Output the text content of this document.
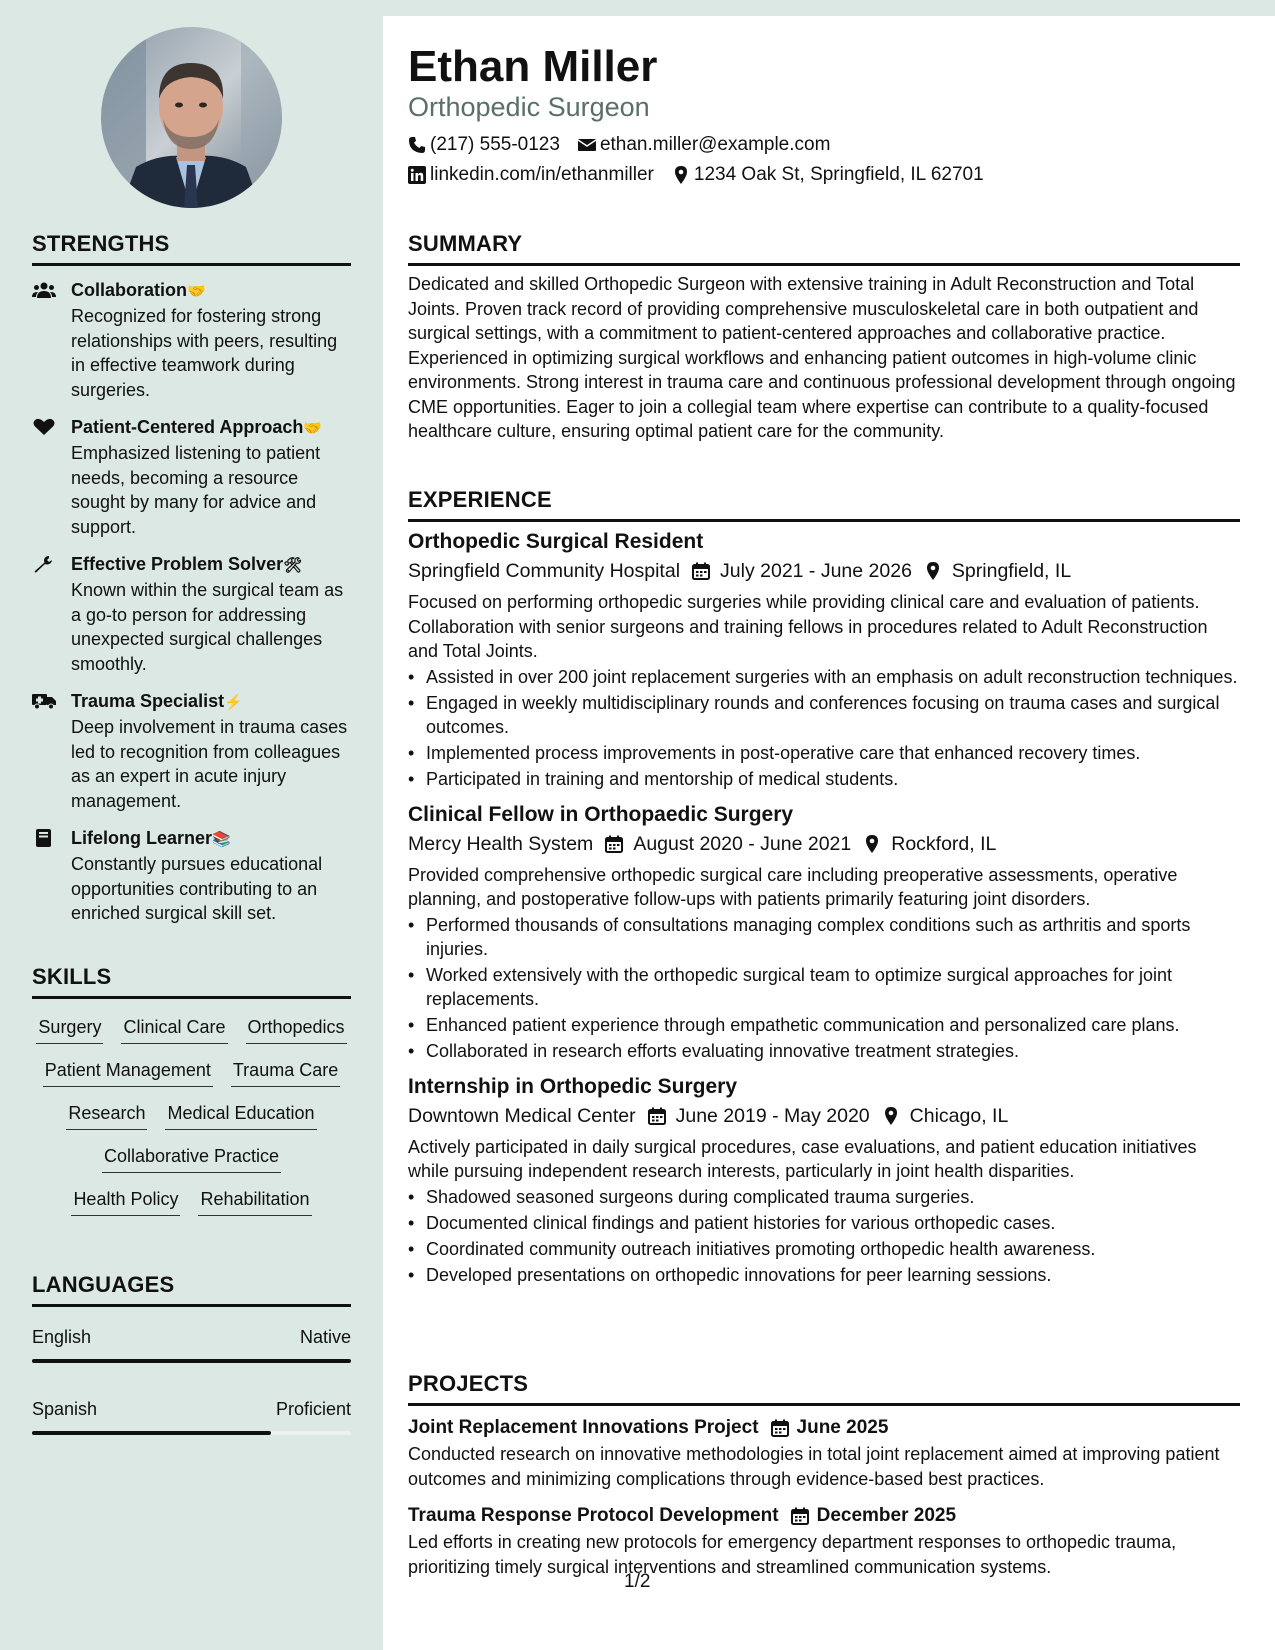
STRENGTHS
Collaboration🤝
Recognized for fostering strong relationships with peers, resulting in effective teamwork during surgeries.
Patient-Centered Approach🤝
Emphasized listening to patient needs, becoming a resource sought by many for advice and support.
Effective Problem Solver🛠
Known within the surgical team as a go-to person for addressing unexpected surgical challenges smoothly.
Trauma Specialist⚡
Deep involvement in trauma cases led to recognition from colleagues as an expert in acute injury management.
Lifelong Learner📚
Constantly pursues educational opportunities contributing to an enriched surgical skill set.
SKILLS
Surgery Clinical Care Orthopedics
Patient Management Trauma Care
Research Medical Education
Collaborative Practice
Health Policy Rehabilitation
LANGUAGES
English	Native
Spanish	Proficient
Ethan Miller
Orthopedic Surgeon
(217) 555-0123 ethan.miller@example.com
linkedin.com/in/ethanmiller 1234 Oak St, Springfield, IL 62701
SUMMARY
Dedicated and skilled Orthopedic Surgeon with extensive training in Adult Reconstruction and Total Joints. Proven track record of providing comprehensive musculoskeletal care in both outpatient and surgical settings, with a commitment to patient-centered approaches and collaborative practice. Experienced in optimizing surgical workflows and enhancing patient outcomes in high-volume clinic environments. Strong interest in trauma care and continuous professional development through ongoing CME opportunities. Eager to join a collegial team where expertise can contribute to a quality-focused healthcare culture, ensuring optimal patient care for the community.
EXPERIENCE
Orthopedic Surgical Resident
Springfield Community Hospital July 2021 - June 2026 Springfield, IL
Focused on performing orthopedic surgeries while providing clinical care and evaluation of patients. Collaboration with senior surgeons and training fellows in procedures related to Adult Reconstruction and Total Joints.
• Assisted in over 200 joint replacement surgeries with an emphasis on adult reconstruction techniques.
• Engaged in weekly multidisciplinary rounds and conferences focusing on trauma cases and surgical outcomes.
• Implemented process improvements in post-operative care that enhanced recovery times.
• Participated in training and mentorship of medical students.
Clinical Fellow in Orthopaedic Surgery
Mercy Health System August 2020 - June 2021 Rockford, IL
Provided comprehensive orthopedic surgical care including preoperative assessments, operative planning, and postoperative follow-ups with patients primarily featuring joint disorders.
• Performed thousands of consultations managing complex conditions such as arthritis and sports injuries.
• Worked extensively with the orthopedic surgical team to optimize surgical approaches for joint replacements.
• Enhanced patient experience through empathetic communication and personalized care plans.
• Collaborated in research efforts evaluating innovative treatment strategies.
Internship in Orthopedic Surgery
Downtown Medical Center June 2019 - May 2020 Chicago, IL
Actively participated in daily surgical procedures, case evaluations, and patient education initiatives while pursuing independent research interests, particularly in joint health disparities.
• Shadowed seasoned surgeons during complicated trauma surgeries.
• Documented clinical findings and patient histories for various orthopedic cases.
• Coordinated community outreach initiatives promoting orthopedic health awareness.
• Developed presentations on orthopedic innovations for peer learning sessions.
PROJECTS
Joint Replacement Innovations Project June 2025
Conducted research on innovative methodologies in total joint replacement aimed at improving patient outcomes and minimizing complications through evidence-based best practices.
Trauma Response Protocol Development December 2025
Led efforts in creating new protocols for emergency department responses to orthopedic trauma, prioritizing timely surgical interventions and streamlined communication systems.
1/2
